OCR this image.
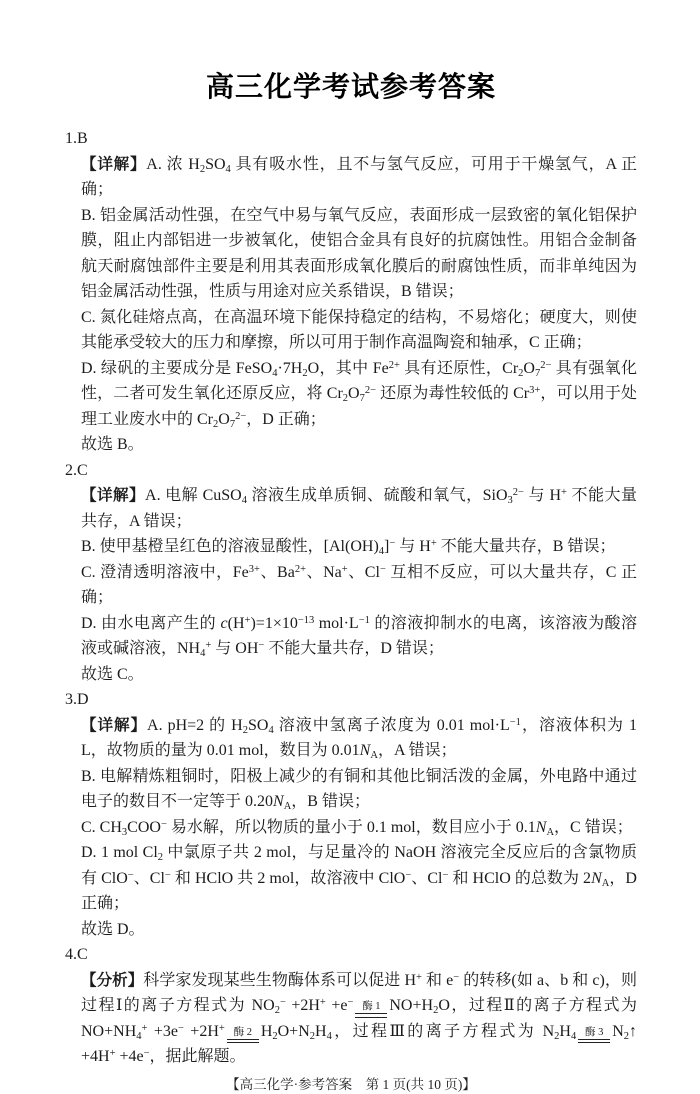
高三化学考试参考答案
1.B

【详解】A. 浓 $H_2SO_4$ 具有吸水性，且不与氢气反应，可用于干燥氢气，A 正确；

B. 铝金属活动性强，在空气中易与氧气反应，表面形成一层致密的氧化铝保护膜，阻止内部铝进一步被氧化，使铝合金具有良好的抗腐蚀性。用铝合金制备航天耐腐蚀部件主要是利用其表面形成氧化膜后的耐腐蚀性质，而非单纯因为铝金属活动性强，性质与用途对应关系错误，B 错误；

C. 氮化硅熔点高，在高温环境下能保持稳定的结构，不易熔化；硬度大，则使其能承受较大的压力和摩擦，所以可用于制作高温陶瓷和轴承，C 正确；

D. 绿矾的主要成分是 $FeSO_4\cdot 7H_2O$，其中 $Fe^{2+}$ 具有还原性，$Cr_2O_7^{2-}$ 具有强氧化性，二者可发生氧化还原反应，将 $Cr_2O_7^{2-}$ 还原为毒性较低的 $Cr^{3+}$，可以用于处理工业废水中的 $Cr_2O_7^{2-}$，D 正确；

故选 B。

2.C

【详解】A. 电解 CuSO$_4$ 溶液生成单质铜、硫酸和氧气，SiO$_3^{2-}$ 与 H+ 不能大量共存，A 错误；

B. 使甲基橙呈红色的溶液显酸性，$[Al(OH)_4]^-$ 与 H+ 不能大量共存，B 错误；

C. 澄清透明溶液中，$Fe^{3+}$、$Ba^{2+}$、Na+、Cl− 互相不反应，可以大量共存，C 正确；

D. 由水电离产生的 $c(H^+)=1\times 10^{-13}$ $mol\cdot L^{-1}$ 的溶液抑制水的电离，该溶液为酸溶液或碱溶液，$NH_4^+$ 与 OH− 不能大量共存，D 错误；

故选 C。

3.D

【详解】A. pH=2 的 $H_2SO_4$ 溶液中氢离子浓度为 0.01 $mol\cdot L^{-1}$，溶液体积为 1 L，故物质的量为 0.01 mol，数目为 $0.01N_A$，A 错误；

B. 电解精炼粗铜时，阳极上减少的有铜和其他比铜活泼的金属，外电路中通过电子的数目不一定等于 $0.20N_A$，B 错误；

C. $CH_3COO^-$ 易水解，所以物质的量小于 0.1 mol，数目应小于 $0.1N_A$，C 错误；

D. 1 mol $Cl_2$ 中氯原子共 2 mol，与足量冷的 NaOH 溶液完全反应后的含氯物质有 ClO−、Cl− 和 HClO 共 2 mol，故溶液中 ClO−、Cl− 和 HClO 的总数为 $2N_A$，D 正确；

故选 D。

4.C

【分析】科学家发现某些生物酶体系可以促进 H+ 和 e− 的转移(如 a、b 和 c)，则过程Ⅰ的离子方程式为 $NO_2^- +2H^+ +e^-$ 酶 1 $NO+H_2O$，过程Ⅱ的离子方程式为 $NO+NH_4^+ +3e^- +2H^+$ 酶 2 $H_2O+N_2H_4$，过程Ⅲ的离子方程式为 $N_2H_4$ 酶 3 $N_2↑ +4H^+ +4e^-$，据此解题。

【高三化学·参考答案　第 1 页(共 10 页)】
